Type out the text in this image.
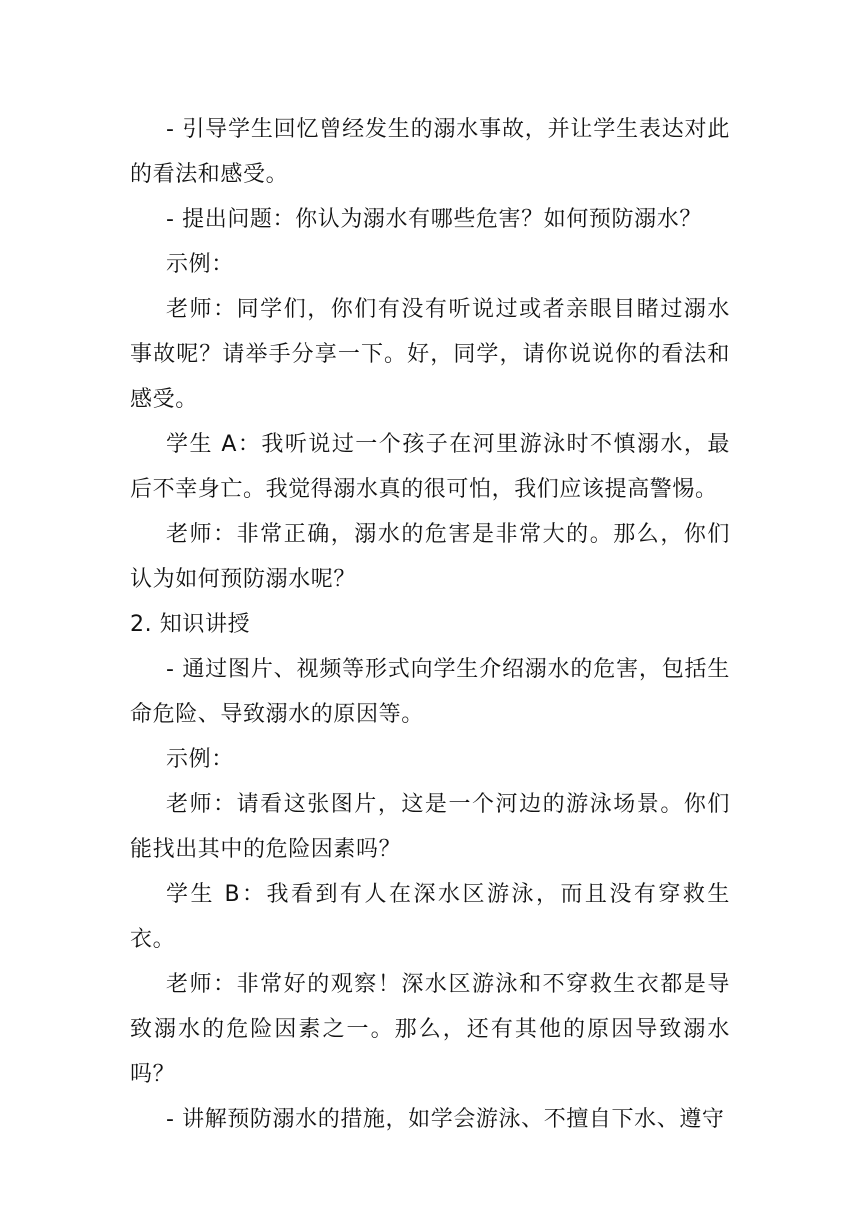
- 引导学生回忆曾经发生的溺水事故，并让学生表达对此的看法和感受。

- 提出问题：你认为溺水有哪些危害？如何预防溺水？

示例：

老师：同学们，你们有没有听说过或者亲眼目睹过溺水事故呢？请举手分享一下。好，同学，请你说说你的看法和感受。

学生 A：我听说过一个孩子在河里游泳时不慎溺水，最后不幸身亡。我觉得溺水真的很可怕，我们应该提高警惕。

老师：非常正确，溺水的危害是非常大的。那么，你们认为如何预防溺水呢？

2. 知识讲授

- 通过图片、视频等形式向学生介绍溺水的危害，包括生命危险、导致溺水的原因等。

示例：

老师：请看这张图片，这是一个河边的游泳场景。你们能找出其中的危险因素吗？

学生 B：我看到有人在深水区游泳，而且没有穿救生衣。

老师：非常好的观察！深水区游泳和不穿救生衣都是导致溺水的危险因素之一。那么，还有其他的原因导致溺水吗？

- 讲解预防溺水的措施，如学会游泳、不擅自下水、遵守
